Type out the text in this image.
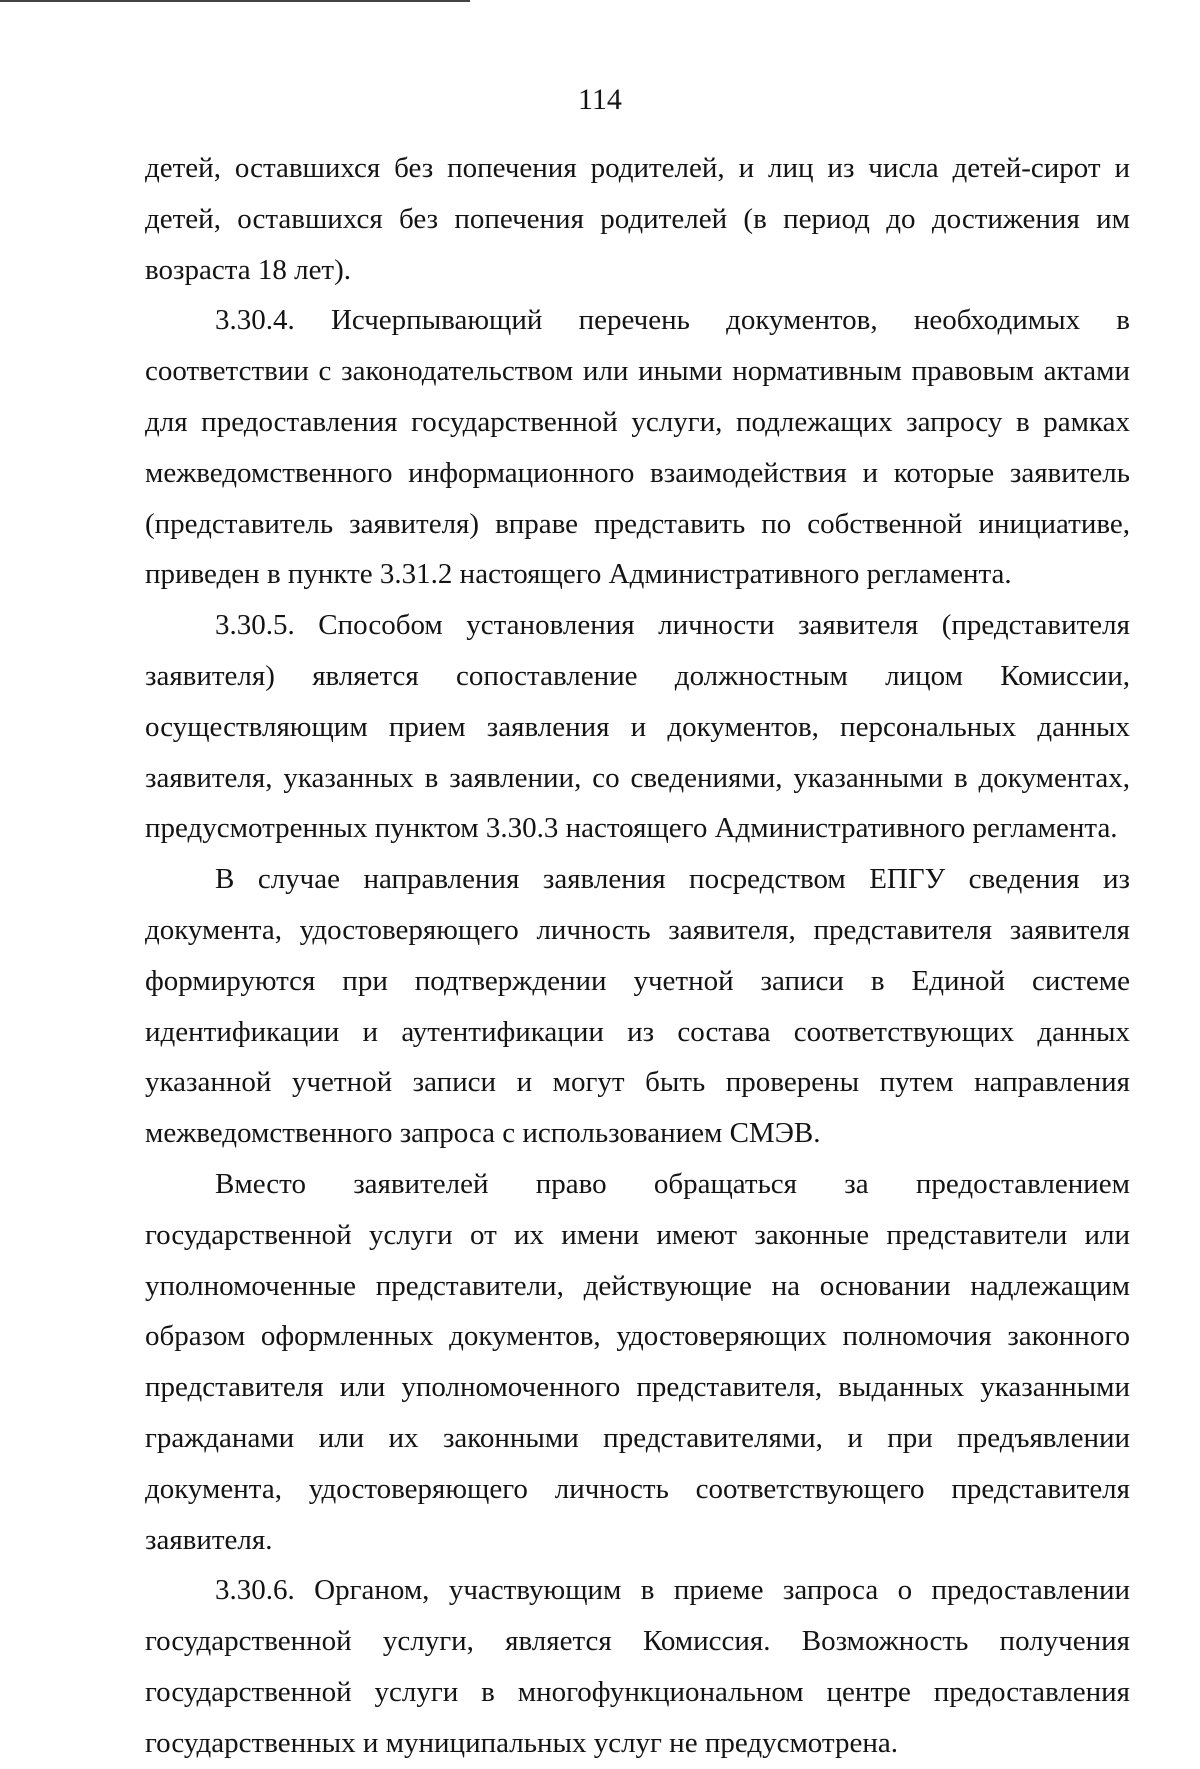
114

детей, оставшихся без попечения родителей, и лиц из числа детей-сирот и детей, оставшихся без попечения родителей (в период до достижения им возраста 18 лет).

3.30.4. Исчерпывающий перечень документов, необходимых в соответствии с законодательством или иными нормативным правовым актами для предоставления государственной услуги, подлежащих запросу в рамках межведомственного информационного взаимодействия и которые заявитель (представитель заявителя) вправе представить по собственной инициативе, приведен в пункте 3.31.2 настоящего Административного регламента.

3.30.5. Способом установления личности заявителя (представителя заявителя) является сопоставление должностным лицом Комиссии, осуществляющим прием заявления и документов, персональных данных заявителя, указанных в заявлении, со сведениями, указанными в документах, предусмотренных пунктом 3.30.3 настоящего Административного регламента.

В случае направления заявления посредством ЕПГУ сведения из документа, удостоверяющего личность заявителя, представителя заявителя формируются при подтверждении учетной записи в Единой системе идентификации и аутентификации из состава соответствующих данных указанной учетной записи и могут быть проверены путем направления межведомственного запроса с использованием СМЭВ.

Вместо заявителей право обращаться за предоставлением государственной услуги от их имени имеют законные представители или уполномоченные представители, действующие на основании надлежащим образом оформленных документов, удостоверяющих полномочия законного представителя или уполномоченного представителя, выданных указанными гражданами или их законными представителями, и при предъявлении документа, удостоверяющего личность соответствующего представителя заявителя.

3.30.6. Органом, участвующим в приеме запроса о предоставлении государственной услуги, является Комиссия. Возможность получения государственной услуги в многофункциональном центре предоставления государственных и муниципальных услуг не предусмотрена.
